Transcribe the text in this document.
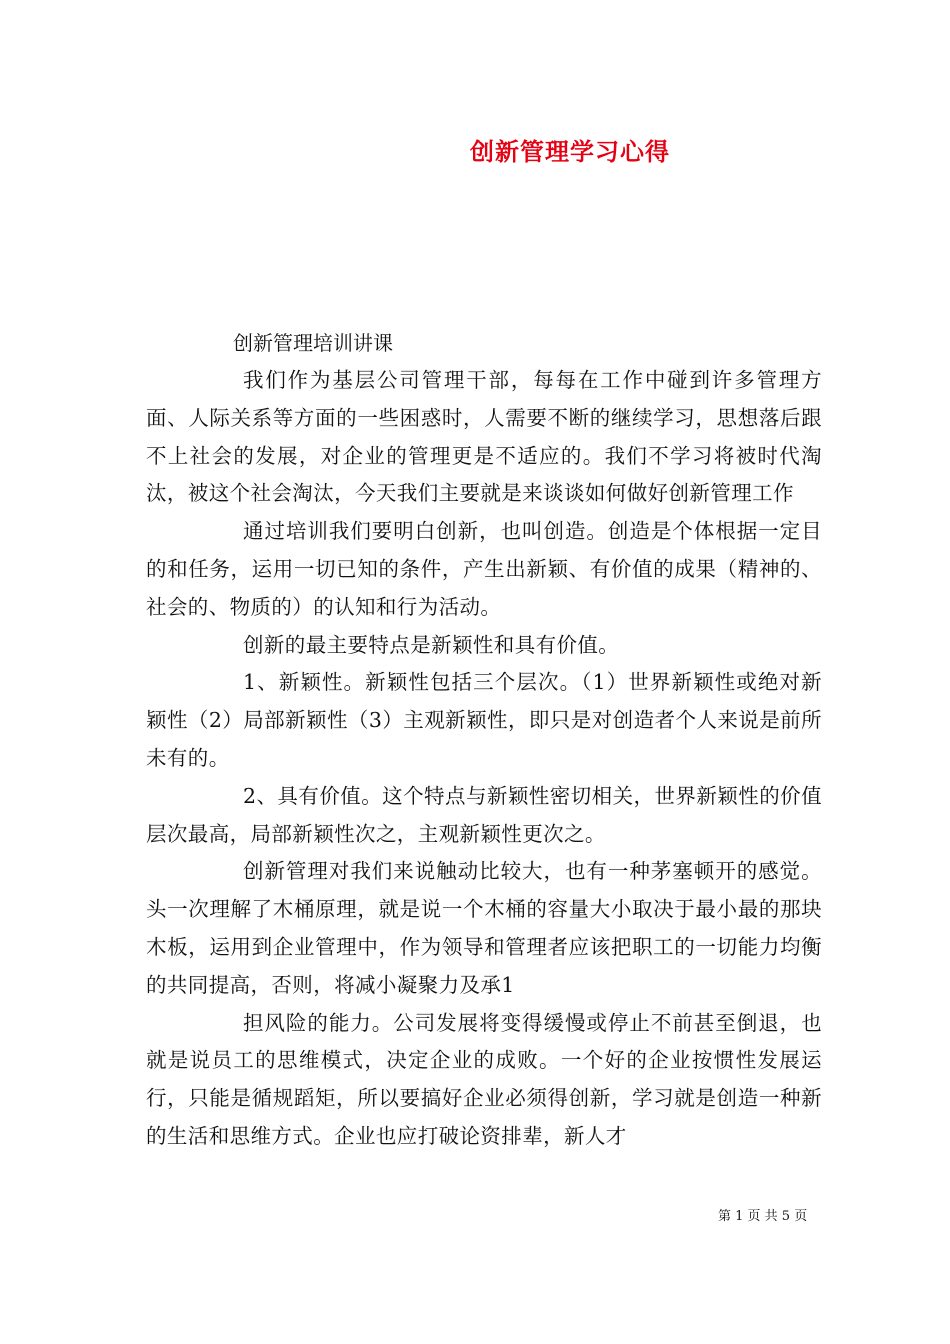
创新管理学习心得
创新管理培训讲课

我们作为基层公司管理干部，每每在工作中碰到许多管理方面、人际关系等方面的一些困惑时，人需要不断的继续学习，思想落后跟不上社会的发展，对企业的管理更是不适应的。我们不学习将被时代淘汰，被这个社会淘汰，今天我们主要就是来谈谈如何做好创新管理工作

通过培训我们要明白创新，也叫创造。创造是个体根据一定目的和任务，运用一切已知的条件，产生出新颖、有价值的成果（精神的、社会的、物质的）的认知和行为活动。

创新的最主要特点是新颖性和具有价值。

1、新颖性。新颖性包括三个层次。（1）世界新颖性或绝对新颖性（2）局部新颖性（3）主观新颖性，即只是对创造者个人来说是前所未有的。

2、具有价值。这个特点与新颖性密切相关，世界新颖性的价值层次最高，局部新颖性次之，主观新颖性更次之。

创新管理对我们来说触动比较大，也有一种茅塞顿开的感觉。头一次理解了木桶原理，就是说一个木桶的容量大小取决于最小最的那块木板，运用到企业管理中，作为领导和管理者应该把职工的一切能力均衡的共同提高，否则，将减小凝聚力及承1

担风险的能力。公司发展将变得缓慢或停止不前甚至倒退，也就是说员工的思维模式，决定企业的成败。一个好的企业按惯性发展运行，只能是循规蹈矩，所以要搞好企业必须得创新，学习就是创造一种新的生活和思维方式。企业也应打破论资排辈，新人才

第 1 页 共 5 页
